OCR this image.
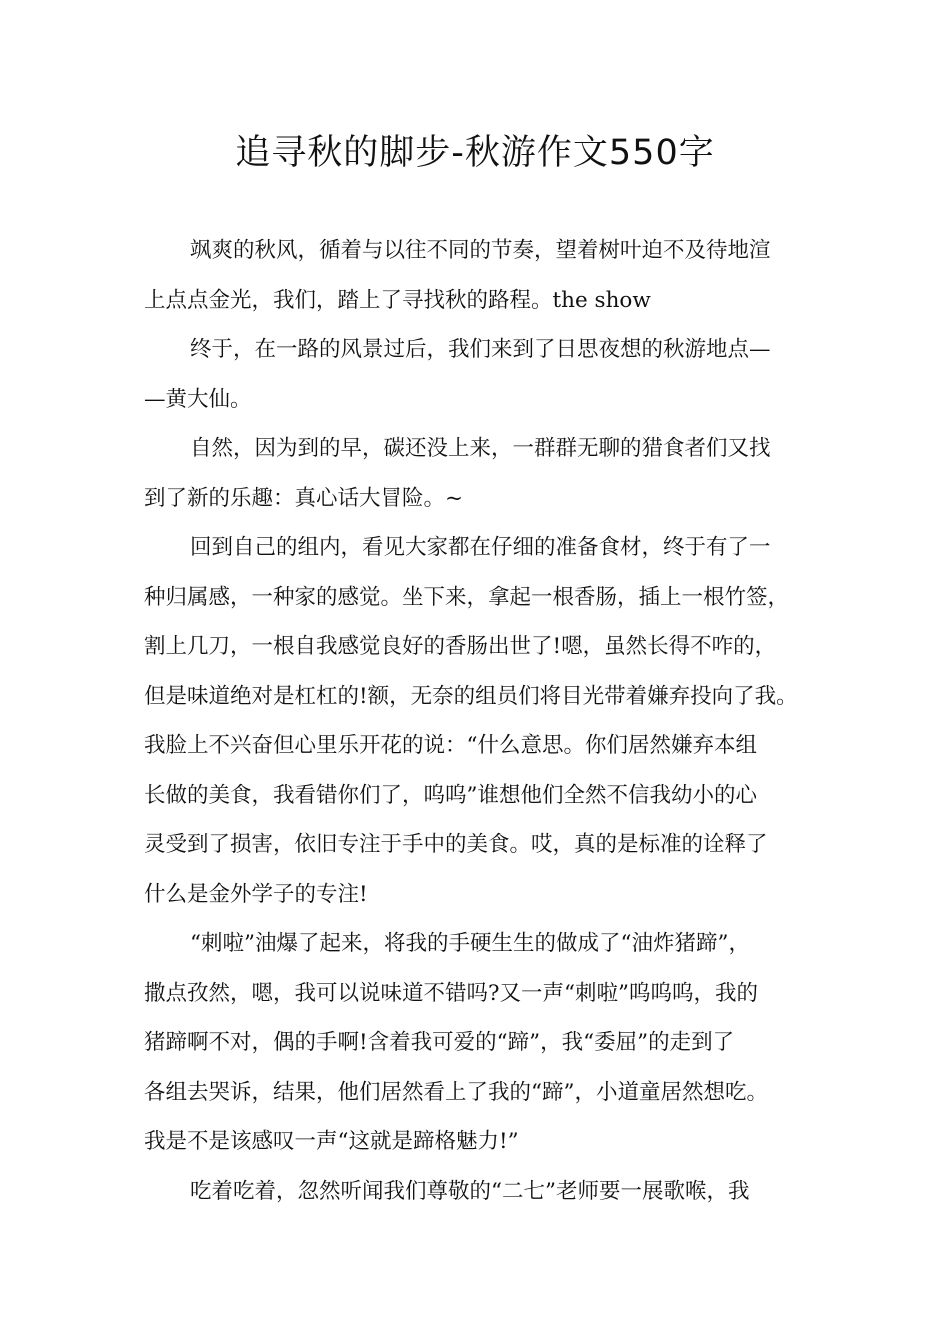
追寻秋的脚步-秋游作文550字
飒爽的秋风，循着与以往不同的节奏，望着树叶迫不及待地渲
上点点金光，我们，踏上了寻找秋的路程。the show
终于，在一路的风景过后，我们来到了日思夜想的秋游地点—
—黄大仙。
自然，因为到的早，碳还没上来，一群群无聊的猎食者们又找
到了新的乐趣：真心话大冒险。~
回到自己的组内，看见大家都在仔细的准备食材，终于有了一
种归属感，一种家的感觉。坐下来，拿起一根香肠，插上一根竹签，
割上几刀，一根自我感觉良好的香肠出世了!嗯，虽然长得不咋的，
但是味道绝对是杠杠的!额，无奈的组员们将目光带着嫌弃投向了我。
我脸上不兴奋但心里乐开花的说：“什么意思。你们居然嫌弃本组
长做的美食，我看错你们了，呜呜”谁想他们全然不信我幼小的心
灵受到了损害，依旧专注于手中的美食。哎，真的是标准的诠释了
什么是金外学子的专注!
“刺啦”油爆了起来，将我的手硬生生的做成了“油炸猪蹄”，
撒点孜然，嗯，我可以说味道不错吗?又一声“刺啦”呜呜呜，我的
猪蹄啊不对，偶的手啊!含着我可爱的“蹄”，我“委屈”的走到了
各组去哭诉，结果，他们居然看上了我的“蹄”，小道童居然想吃。
我是不是该感叹一声“这就是蹄格魅力!”
吃着吃着，忽然听闻我们尊敬的“二七”老师要一展歌喉，我
